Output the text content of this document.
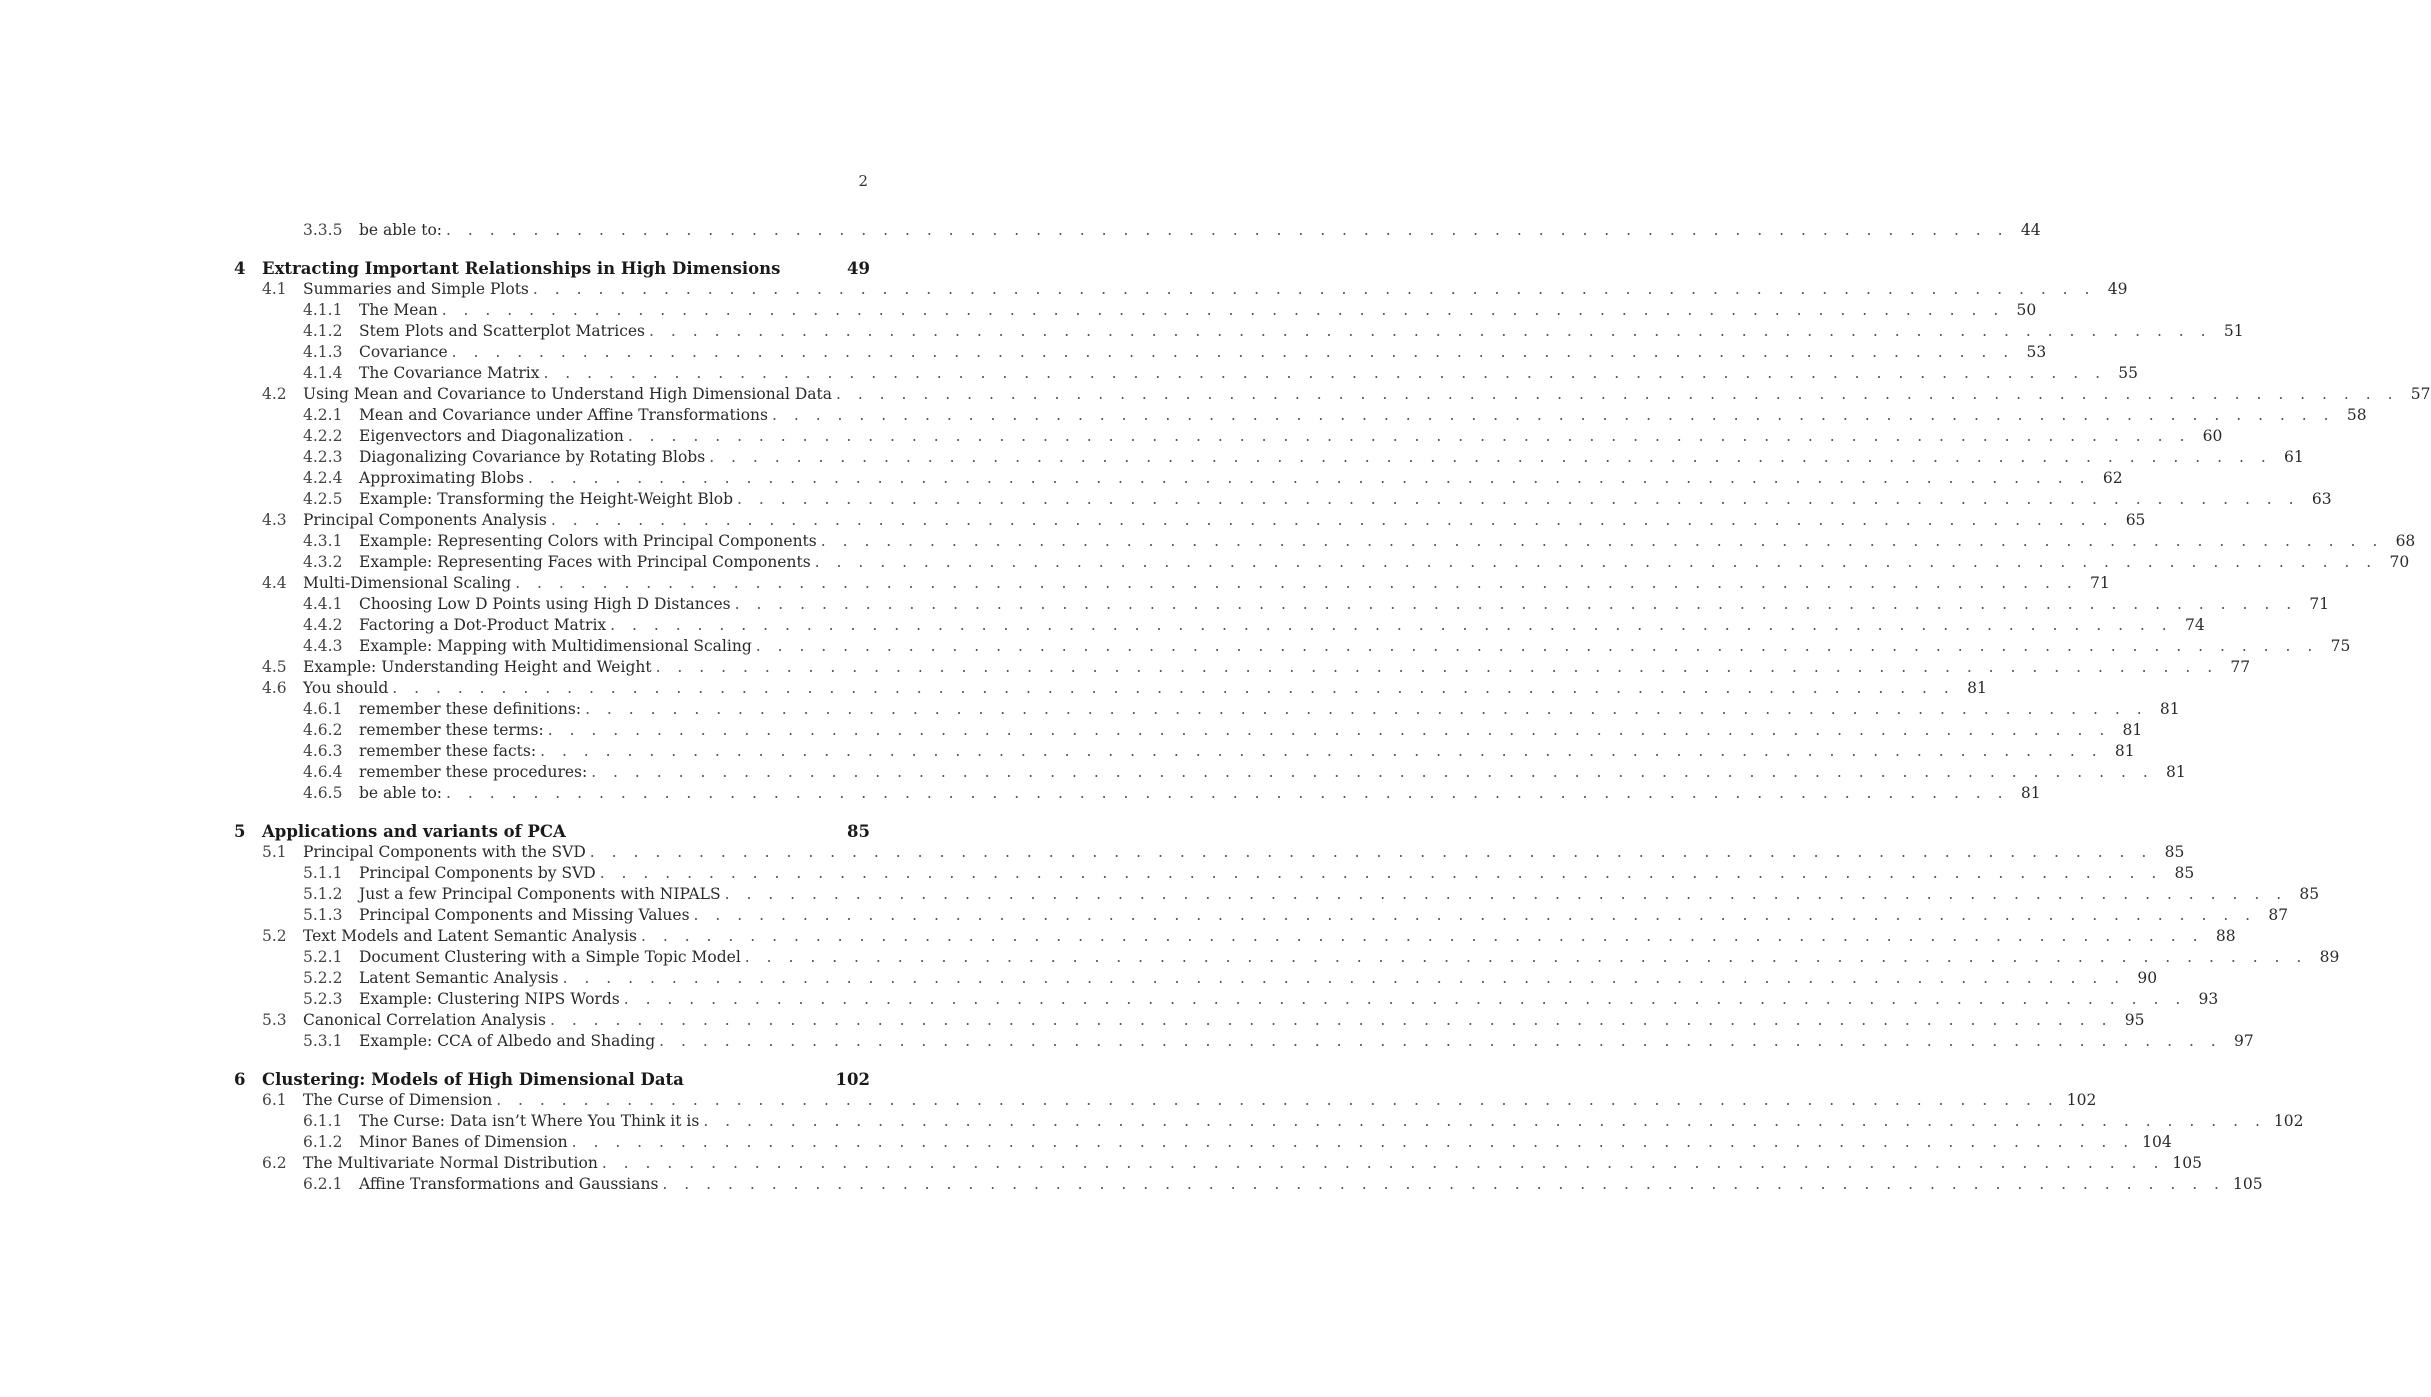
2
3.3.5	be able to: . . .	44
4	Extracting Important Relationships in High Dimensions	49
4.1	Summaries and Simple Plots . . .	49
4.1.1	The Mean . . .	50
4.1.2	Stem Plots and Scatterplot Matrices . . .	51
4.1.3	Covariance . . .	53
4.1.4	The Covariance Matrix . . .	55
4.2	Using Mean and Covariance to Understand High Dimensional Data . . .	57
4.2.1	Mean and Covariance under Affine Transformations . . .	58
4.2.2	Eigenvectors and Diagonalization . . .	60
4.2.3	Diagonalizing Covariance by Rotating Blobs . . .	61
4.2.4	Approximating Blobs . . .	62
4.2.5	Example: Transforming the Height-Weight Blob . . .	63
4.3	Principal Components Analysis . . .	65
4.3.1	Example: Representing Colors with Principal Components . . .	68
4.3.2	Example: Representing Faces with Principal Components . . .	70
4.4	Multi-Dimensional Scaling . . .	71
4.4.1	Choosing Low D Points using High D Distances . . .	71
4.4.2	Factoring a Dot-Product Matrix . . .	74
4.4.3	Example: Mapping with Multidimensional Scaling . . .	75
4.5	Example: Understanding Height and Weight . . .	77
4.6	You should . . .	81
4.6.1	remember these definitions: . . .	81
4.6.2	remember these terms: . . .	81
4.6.3	remember these facts: . . .	81
4.6.4	remember these procedures: . . .	81
4.6.5	be able to: . . .	81
5	Applications and variants of PCA	85
5.1	Principal Components with the SVD . . .	85
5.1.1	Principal Components by SVD . . .	85
5.1.2	Just a few Principal Components with NIPALS . . .	85
5.1.3	Principal Components and Missing Values . . .	87
5.2	Text Models and Latent Semantic Analysis . . .	88
5.2.1	Document Clustering with a Simple Topic Model . . .	89
5.2.2	Latent Semantic Analysis . . .	90
5.2.3	Example: Clustering NIPS Words . . .	93
5.3	Canonical Correlation Analysis . . .	95
5.3.1	Example: CCA of Albedo and Shading . . .	97
6	Clustering: Models of High Dimensional Data	102
6.1	The Curse of Dimension . . .	102
6.1.1	The Curse: Data isn’t Where You Think it is . . .	102
6.1.2	Minor Banes of Dimension . . .	104
6.2	The Multivariate Normal Distribution . . .	105
6.2.1	Affine Transformations and Gaussians . . .	105
